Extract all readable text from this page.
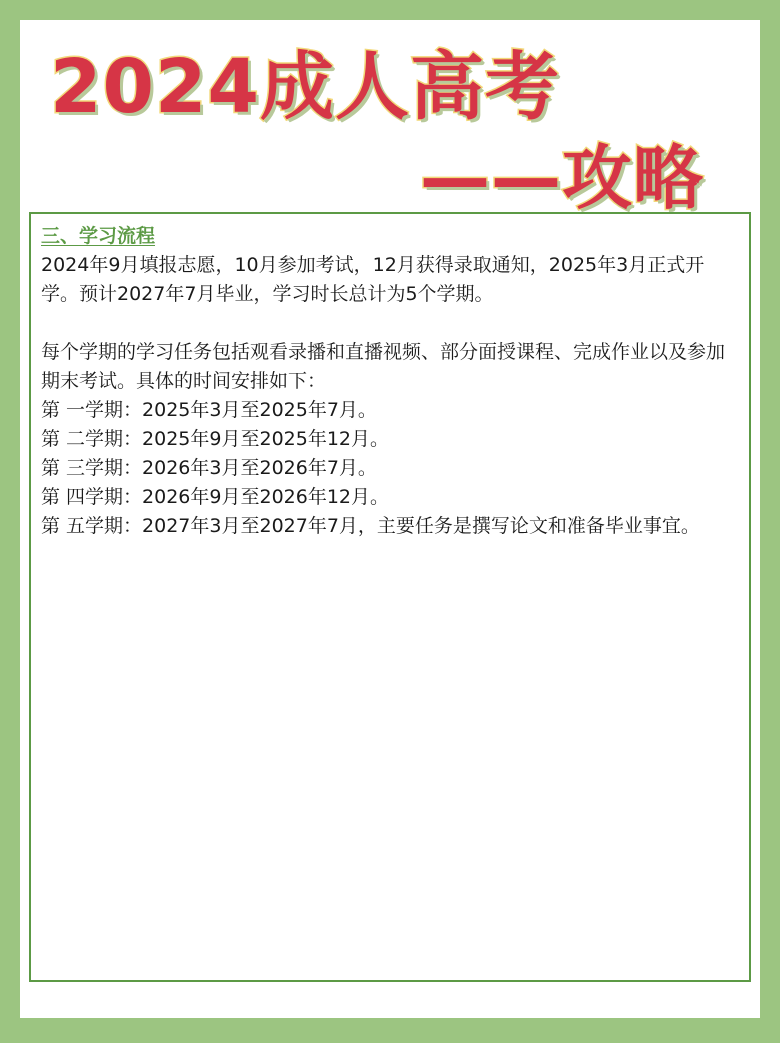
2024成人高考
——攻略
三、学习流程

2024年9月填报志愿，10月参加考试，12月获得录取通知，2025年3月正式开学。预计2027年7月毕业，学习时长总计为5个学期。

每个学期的学习任务包括观看录播和直播视频、部分面授课程、完成作业以及参加期末考试。具体的时间安排如下：

第 一学期：2025年3月至2025年7月。

第 二学期：2025年9月至2025年12月。

第 三学期：2026年3月至2026年7月。

第 四学期：2026年9月至2026年12月。

第 五学期：2027年3月至2027年7月，主要任务是撰写论文和准备毕业事宜。
